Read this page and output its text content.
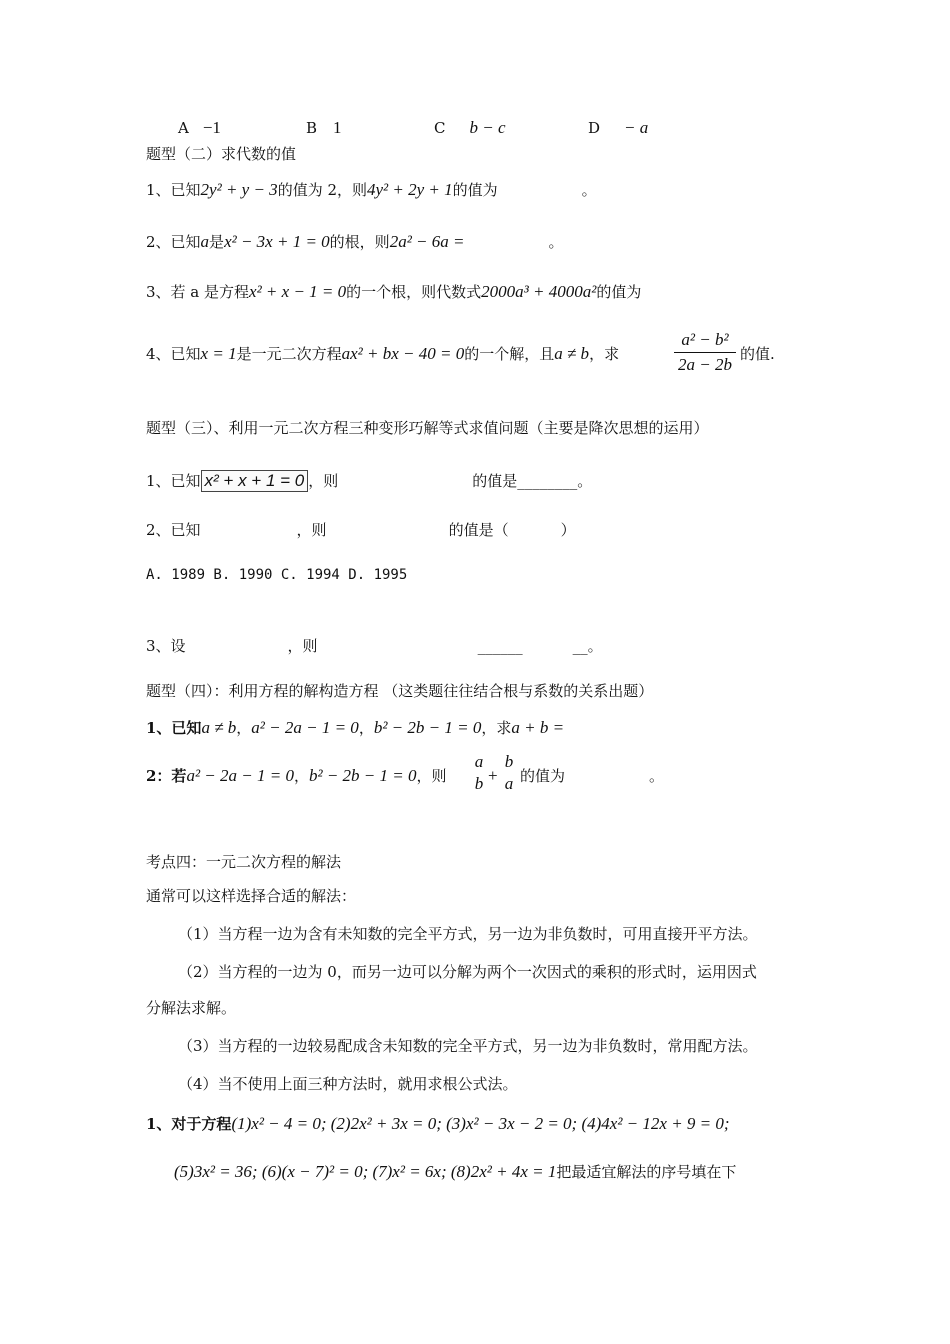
A −1	B 1	C b − c	D − a
题型（二）求代数的值
1、已知2y² + y − 3的值为 2，则4y² + 2y + 1的值为	。
2、已知a是x² − 3x + 1 = 0的根，则2a² − 6a =	。
3、若 a 是方程x² + x − 1 = 0的一个根，则代数式2000a³ + 4000a²的值为
4、已知x = 1是一元二次方程ax² + bx − 40 = 0的一个解，且a ≠ b，求
a² − b²
2a − 2b
的值.
题型（三）、利用一元二次方程三种变形巧解等式求值问题（主要是降次思想的运用）
1、已知 x² + x + 1 = 0 ，则	的值是________。
2、已知	，则	的值是（	）
A. 1989 B. 1990 C. 1994 D. 1995
3、设	，则	______	__。
题型（四）：利用方程的解构造方程 （这类题往往结合根与系数的关系出题）
1、已知a ≠ b，a² − 2a − 1 = 0，b² − 2b − 1 = 0，求a + b =
2：若a² − 2a − 1 = 0，b² − 2b − 1 = 0，则
a
b +
b
a 的值为	。
考点四：一元二次方程的解法
通常可以这样选择合适的解法：
（1）当方程一边为含有未知数的完全平方式，另一边为非负数时，可用直接开平方法。
（2）当方程的一边为 0，而另一边可以分解为两个一次因式的乘积的形式时，运用因式
分解法求解。
（3）当方程的一边较易配成含未知数的完全平方式，另一边为非负数时，常用配方法。
（4）当不使用上面三种方法时，就用求根公式法。
1、对于方程(1)x² − 4 = 0; (2)2x² + 3x = 0; (3)x² − 3x − 2 = 0; (4)4x² − 12x + 9 = 0;
(5)3x² = 36; (6)(x − 7)² = 0; (7)x² = 6x; (8)2x² + 4x = 1把最适宜解法的序号填在下
